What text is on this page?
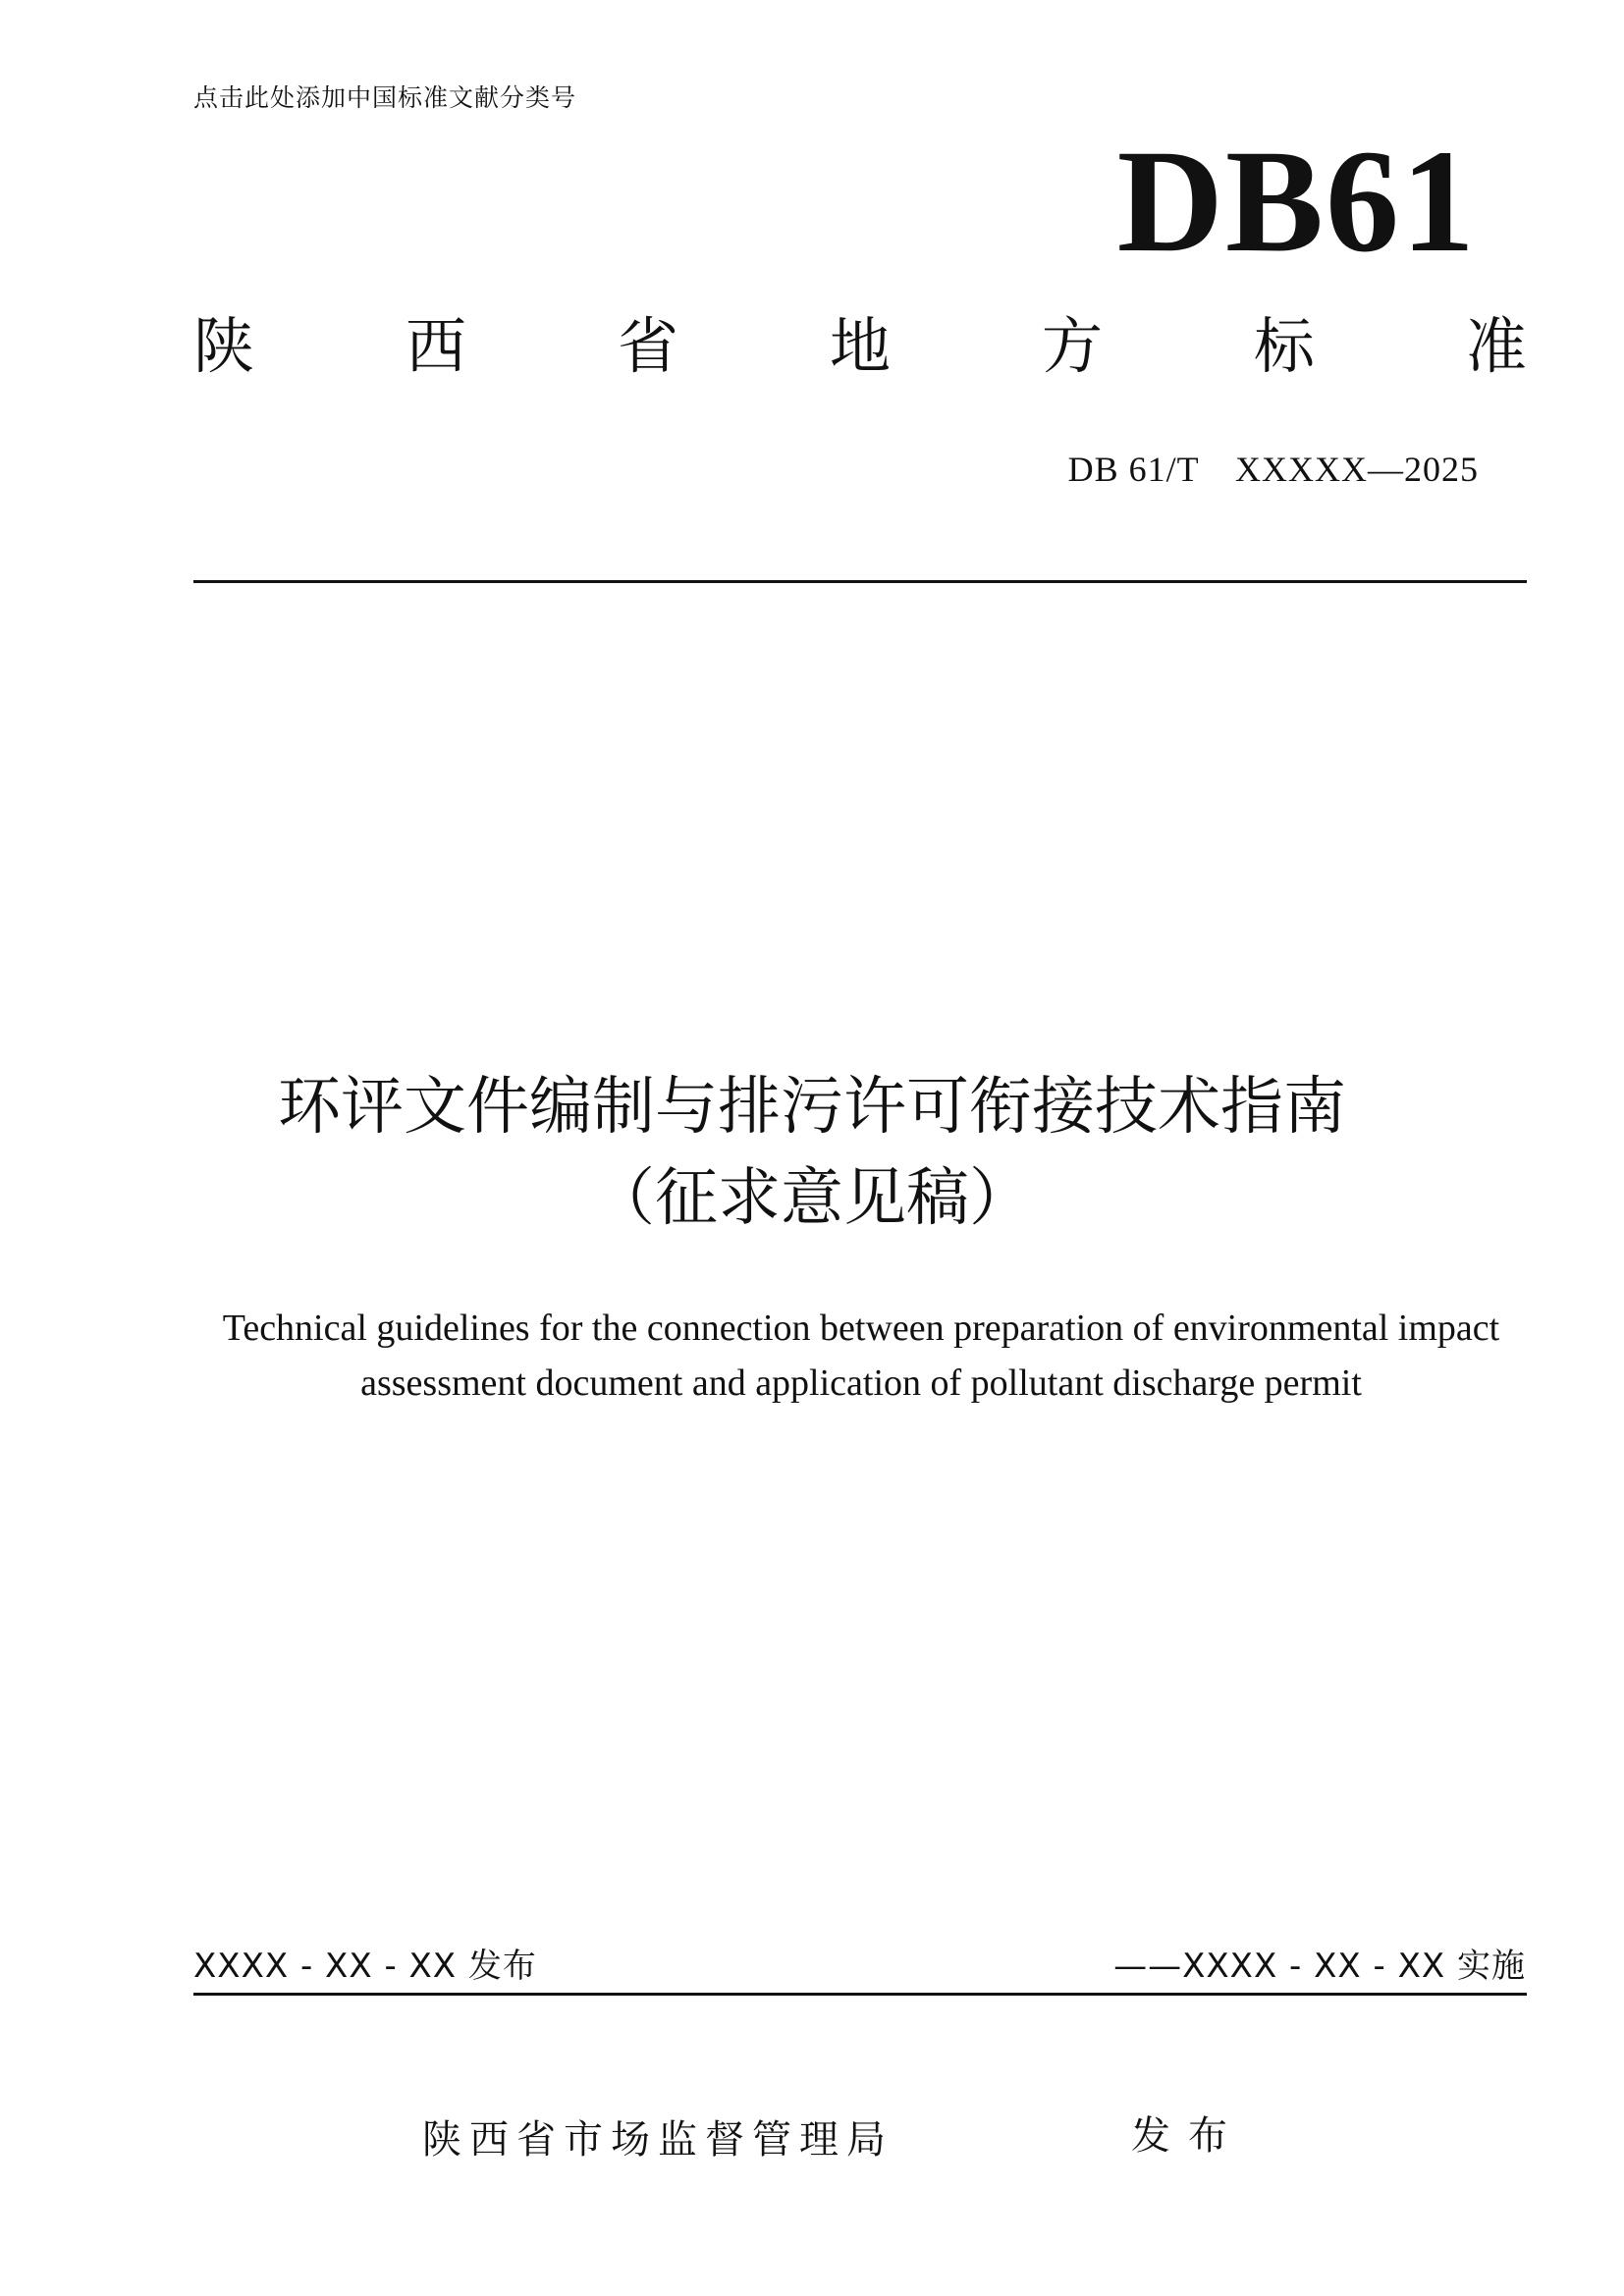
点击此处添加中国标准文献分类号
DB61
陕 西 省 地 方 标 准
DB 61/T　XXXXX—2025
环评文件编制与排污许可衔接技术指南
（征求意见稿）
Technical guidelines for the connection between preparation of environmental impact
assessment document and application of pollutant discharge permit
XXXX - XX - XX 发布	——XXXX - XX - XX 实施
陕西省市场监督管理局	发布
